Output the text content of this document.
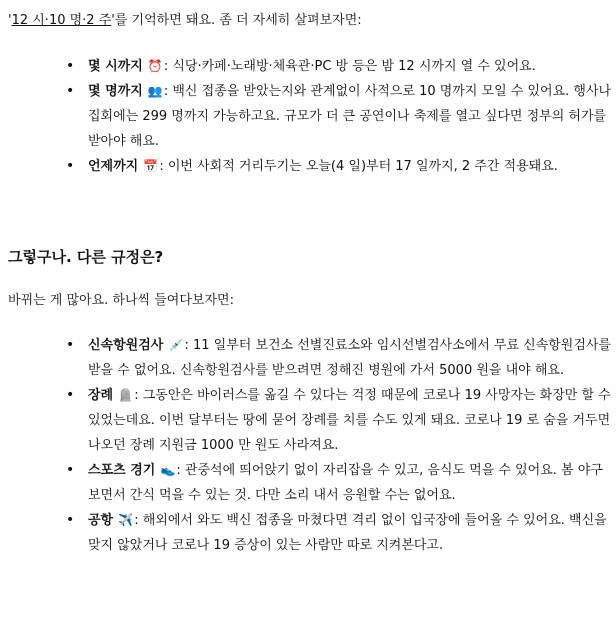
'12 시·10 명·2 주'를 기억하면 돼요. 좀 더 자세히 살펴보자면:

• 몇 시까지 ⏰: 식당·카페·노래방·체육관·PC 방 등은 밤 12 시까지 열 수 있어요.
• 몇 명까지 👥: 백신 접종을 받았는지와 관계없이 사적으로 10 명까지 모일 수 있어요. 행사나 집회에는 299 명까지 가능하고요. 규모가 더 큰 공연이나 축제를 열고 싶다면 정부의 허가를 받아야 해요.
• 언제까지 📅: 이번 사회적 거리두기는 오늘(4 일)부터 17 일까지, 2 주간 적용돼요.
그렇구나. 다른 규정은?

바뀌는 게 많아요. 하나씩 들여다보자면:

• 신속항원검사 💉: 11 일부터 보건소 선별진료소와 임시선별검사소에서 무료 신속항원검사를 받을 수 없어요. 신속항원검사를 받으려면 정해진 병원에 가서 5000 원을 내야 해요.
• 장례 🪦: 그동안은 바이러스를 옮길 수 있다는 걱정 때문에 코로나 19 사망자는 화장만 할 수 있었는데요. 이번 달부터는 땅에 묻어 장례를 치를 수도 있게 돼요. 코로나 19 로 숨을 거두면 나오던 장례 지원금 1000 만 원도 사라져요.
• 스포츠 경기 👟: 관중석에 띄어앉기 없이 자리잡을 수 있고, 음식도 먹을 수 있어요. 봄 야구 보면서 간식 먹을 수 있는 것. 다만 소리 내서 응원할 수는 없어요.
• 공항 ✈️: 해외에서 와도 백신 접종을 마쳤다면 격리 없이 입국장에 들어올 수 있어요. 백신을 맞지 않았거나 코로나 19 증상이 있는 사람만 따로 지켜본다고.
